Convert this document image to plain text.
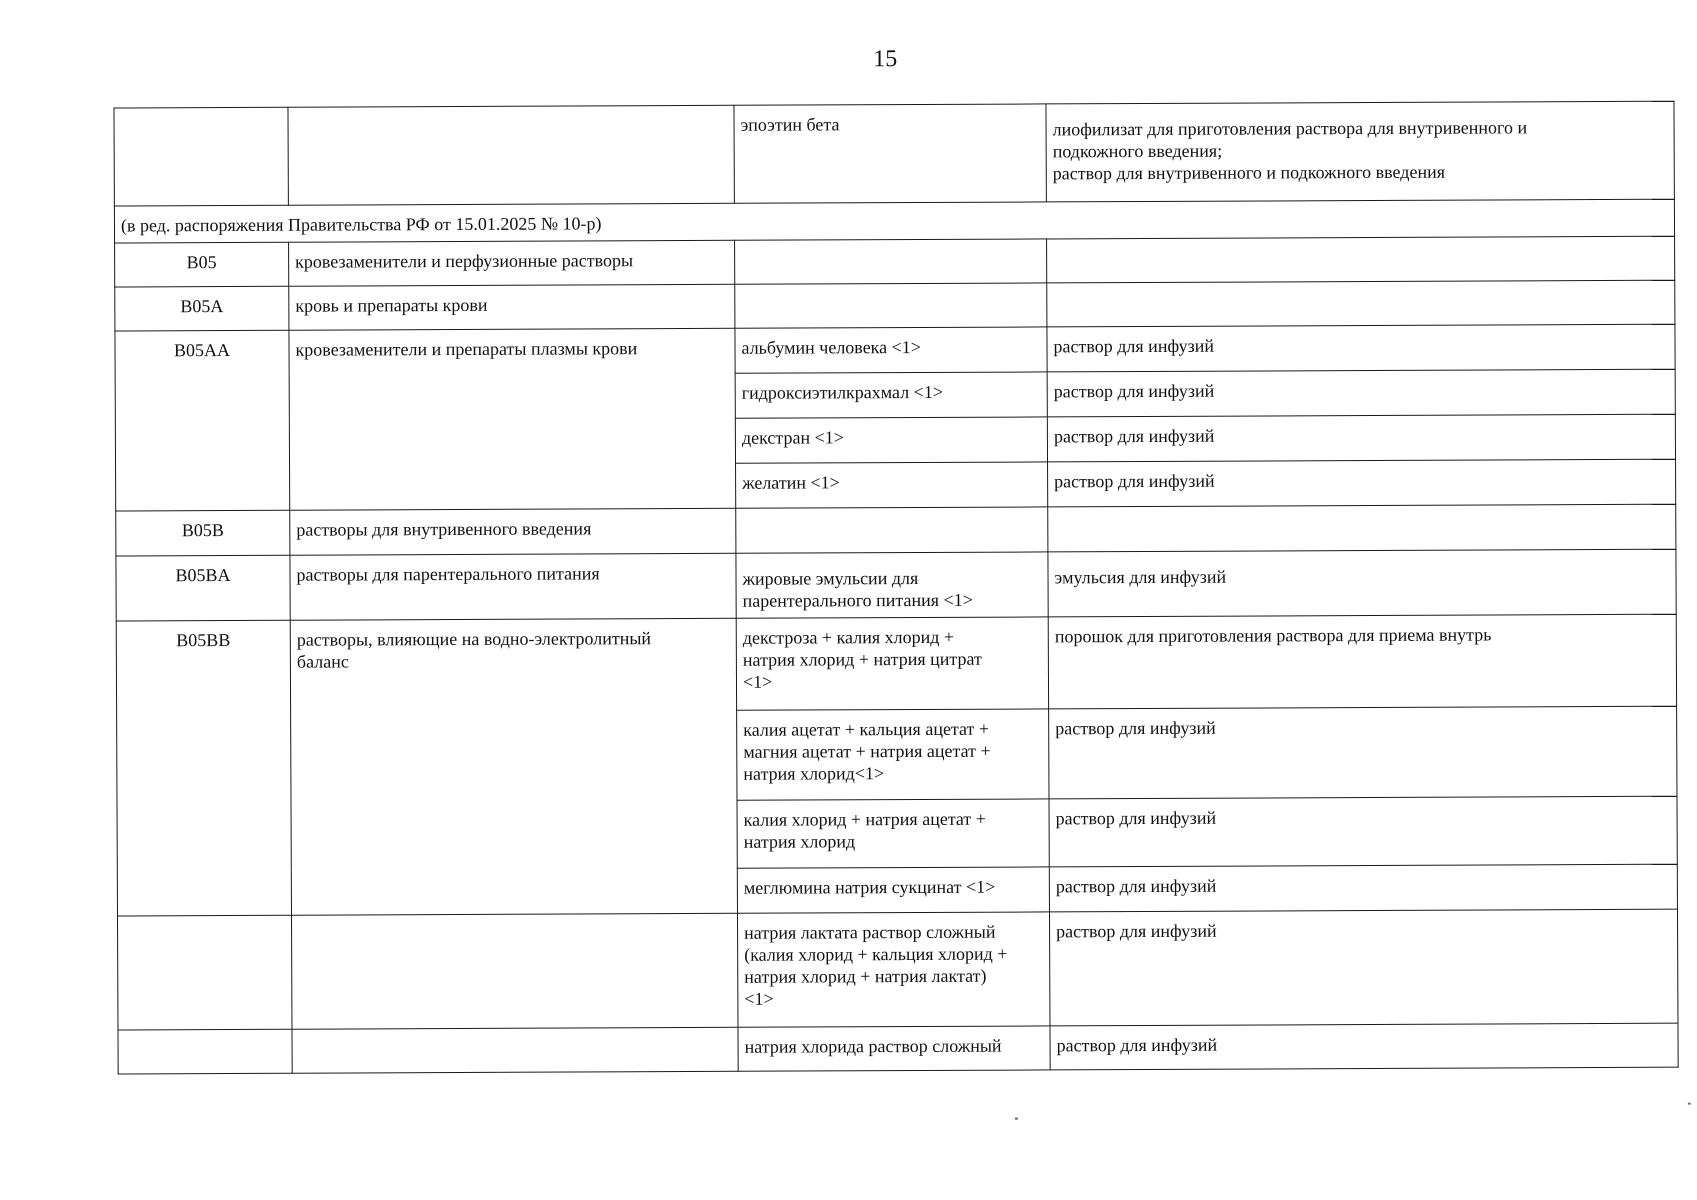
15
		эпоэтин бета	лиофилизат для приготовления раствора для внутривенного и
подкожного введения;
раствор для внутривенного и подкожного введения
(в ред. распоряжения Правительства РФ от 15.01.2025 № 10-р)			
B05	кровезаменители и перфузионные растворы		
B05A	кровь и препараты крови		
B05AA	кровезаменители и препараты плазмы крови	альбумин человека <1>	раствор для инфузий
		гидроксиэтилкрахмал <1>	раствор для инфузий
		декстран <1>	раствор для инфузий
		желатин <1>	раствор для инфузий
B05B	растворы для внутривенного введения		
B05BA	растворы для парентерального питания	жировые эмульсии для
парентерального питания <1>	эмульсия для инфузий
B05BB	растворы, влияющие на водно-электролитный
баланс	декстроза + калия хлорид +
натрия хлорид + натрия цитрат
<1>	порошок для приготовления раствора для приема внутрь
		калия ацетат + кальция ацетат +
магния ацетат + натрия ацетат +
натрия хлорид<1>	раствор для инфузий
		калия хлорид + натрия ацетат +
натрия хлорид	раствор для инфузий
		меглюмина натрия сукцинат <1>	раствор для инфузий
		натрия лактата раствор сложный
(калия хлорид + кальция хлорид +
натрия хлорид + натрия лактат)
<1>	раствор для инфузий
		натрия хлорида раствор сложный	раствор для инфузий
